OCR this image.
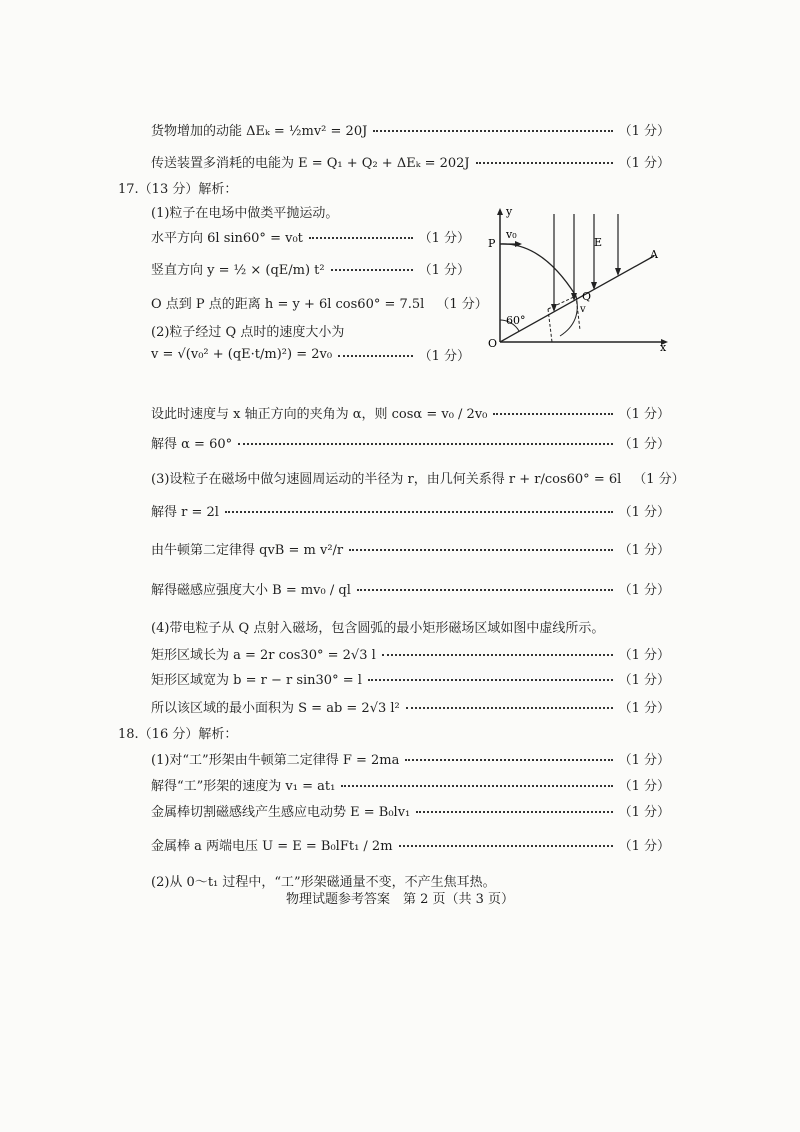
货物增加的动能 ΔEₖ = ½mv² = 20J	（1 分）
传送装置多消耗的电能为 E = Q₁ + Q₂ + ΔEₖ = 202J	（1 分）
17.（13 分）解析：
(1)粒子在电场中做类平抛运动。
水平方向 6l sin60° = v₀t	（1 分）
竖直方向 y = ½ × (qE/m) t²	（1 分）
O 点到 P 点的距离 h = y + 6l cos60° = 7.5l （1 分）
(2)粒子经过 Q 点时的速度大小为
v = √(v₀² + (qE·t/m)²) = 2v₀	（1 分）
设此时速度与 x 轴正方向的夹角为 α，则 cosα = v₀ / 2v₀	（1 分）
解得 α = 60°	（1 分）
(3)设粒子在磁场中做匀速圆周运动的半径为 r，由几何关系得 r + r/cos60° = 6l （1 分）
解得 r = 2l	（1 分）
由牛顿第二定律得 qvB = m v²/r	（1 分）
解得磁感应强度大小 B = mv₀ / ql	（1 分）
(4)带电粒子从 Q 点射入磁场，包含圆弧的最小矩形磁场区域如图中虚线所示。
矩形区域长为 a = 2r cos30° = 2√3 l	（1 分）
矩形区域宽为 b = r − r sin30° = l	（1 分）
所以该区域的最小面积为 S = ab = 2√3 l²	（1 分）
18.（16 分）解析：
(1)对“工”形架由牛顿第二定律得 F = 2ma	（1 分）
解得“工”形架的速度为 v₁ = at₁	（1 分）
金属棒切割磁感线产生感应电动势 E = B₀lv₁	（1 分）
金属棒 a 两端电压 U = E = B₀lFt₁ / 2m	（1 分）
(2)从 0～t₁ 过程中，“工”形架磁通量不变，不产生焦耳热。
y
x
O
P
v₀
E
A
Q
v
60°
物理试题参考答案　第 2 页（共 3 页）
